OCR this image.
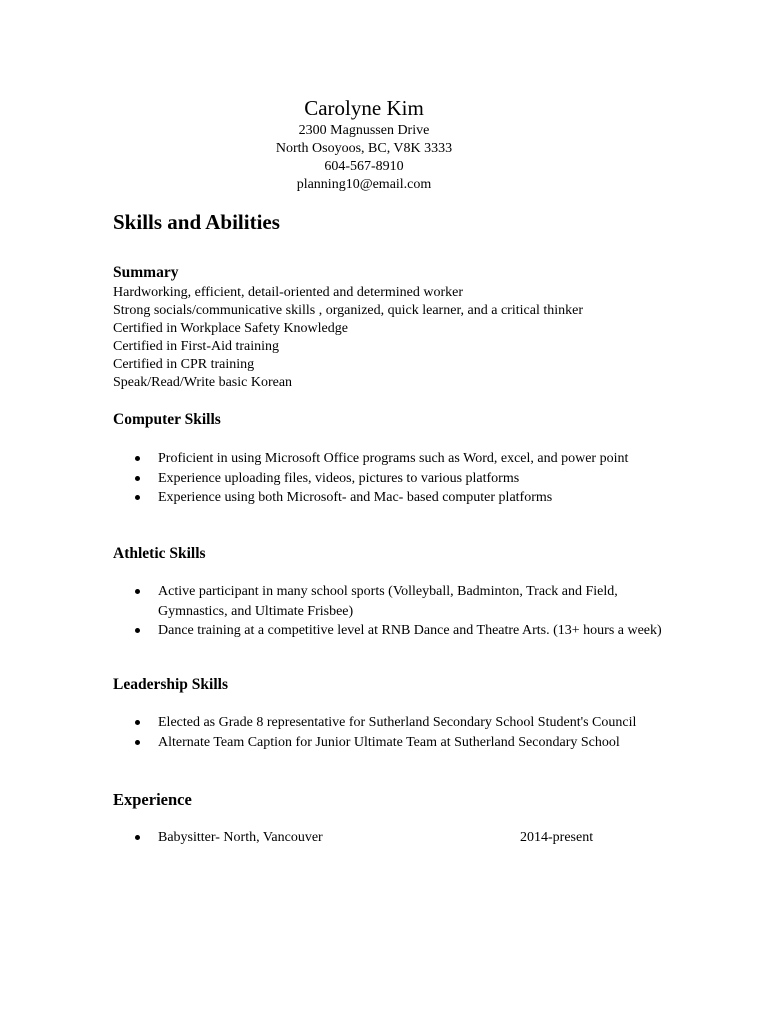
Carolyne Kim
2300 Magnussen Drive
North Osoyoos, BC, V8K 3333
604-567-8910
planning10@email.com
Skills and Abilities
Summary
Hardworking, efficient, detail-oriented and determined worker
Strong socials/communicative skills , organized, quick learner, and a critical thinker
Certified in Workplace Safety Knowledge
Certified in First-Aid training
Certified in CPR training
Speak/Read/Write basic Korean
Computer Skills
Proficient in using Microsoft Office programs such as Word, excel, and power point
Experience uploading files, videos, pictures to various platforms
Experience using both Microsoft- and Mac- based computer platforms
Athletic Skills
Active participant in many school sports (Volleyball, Badminton, Track and Field, Gymnastics, and Ultimate Frisbee)
Dance training at a competitive level at RNB Dance and Theatre Arts. (13+ hours a week)
Leadership Skills
Elected as Grade 8 representative for Sutherland Secondary School Student's Council
Alternate Team Caption for Junior Ultimate Team at Sutherland Secondary School
Experience
Babysitter- North, Vancouver	2014-present
